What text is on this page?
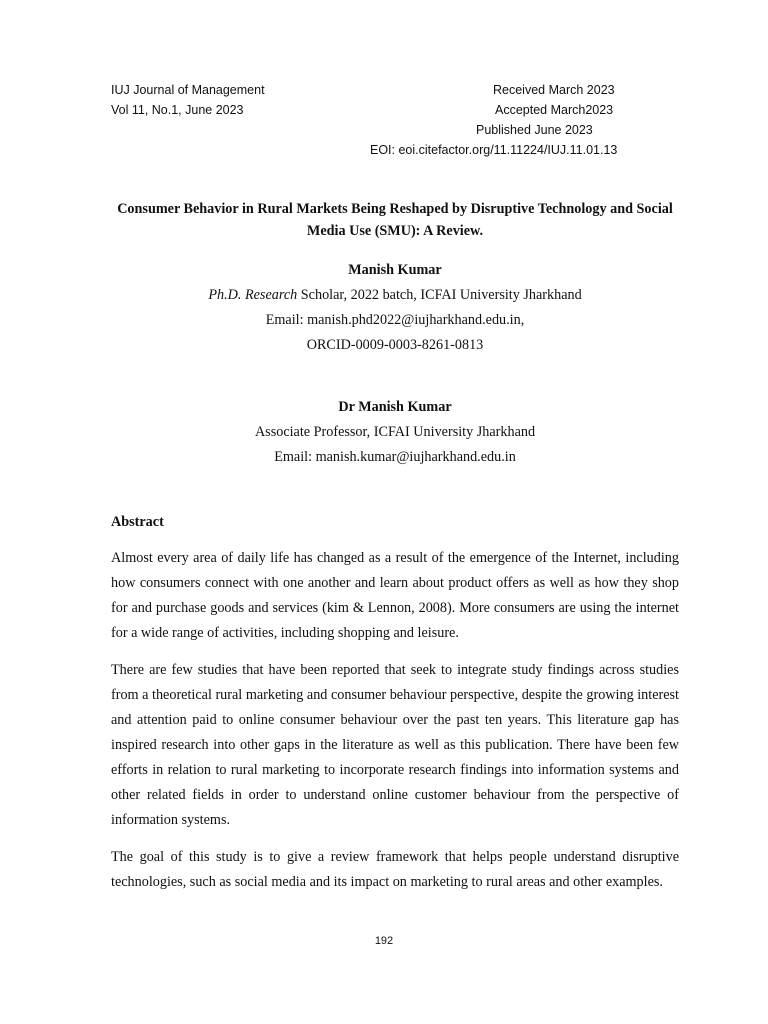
IUJ Journal of Management
Vol 11, No.1, June 2023
Received March 2023
Accepted March2023
Published June 2023
EOI: eoi.citefactor.org/11.11224/IUJ.11.01.13
Consumer Behavior in Rural Markets Being Reshaped by Disruptive Technology and Social
Media Use (SMU): A Review.
Manish Kumar
Ph.D. Research Scholar, 2022 batch, ICFAI University Jharkhand
Email: manish.phd2022@iujharkhand.edu.in,
ORCID-0009-0003-8261-0813
Dr Manish Kumar
Associate Professor, ICFAI University Jharkhand
Email: manish.kumar@iujharkhand.edu.in
Abstract

Almost every area of daily life has changed as a result of the emergence of the Internet, including how consumers connect with one another and learn about product offers as well as how they shop for and purchase goods and services (kim & Lennon, 2008). More consumers are using the internet for a wide range of activities, including shopping and leisure.

There are few studies that have been reported that seek to integrate study findings across studies from a theoretical rural marketing and consumer behaviour perspective, despite the growing interest and attention paid to online consumer behaviour over the past ten years. This literature gap has inspired research into other gaps in the literature as well as this publication. There have been few efforts in relation to rural marketing to incorporate research findings into information systems and other related fields in order to understand online customer behaviour from the perspective of information systems.

The goal of this study is to give a review framework that helps people understand disruptive technologies, such as social media and its impact on marketing to rural areas and other examples.

192
